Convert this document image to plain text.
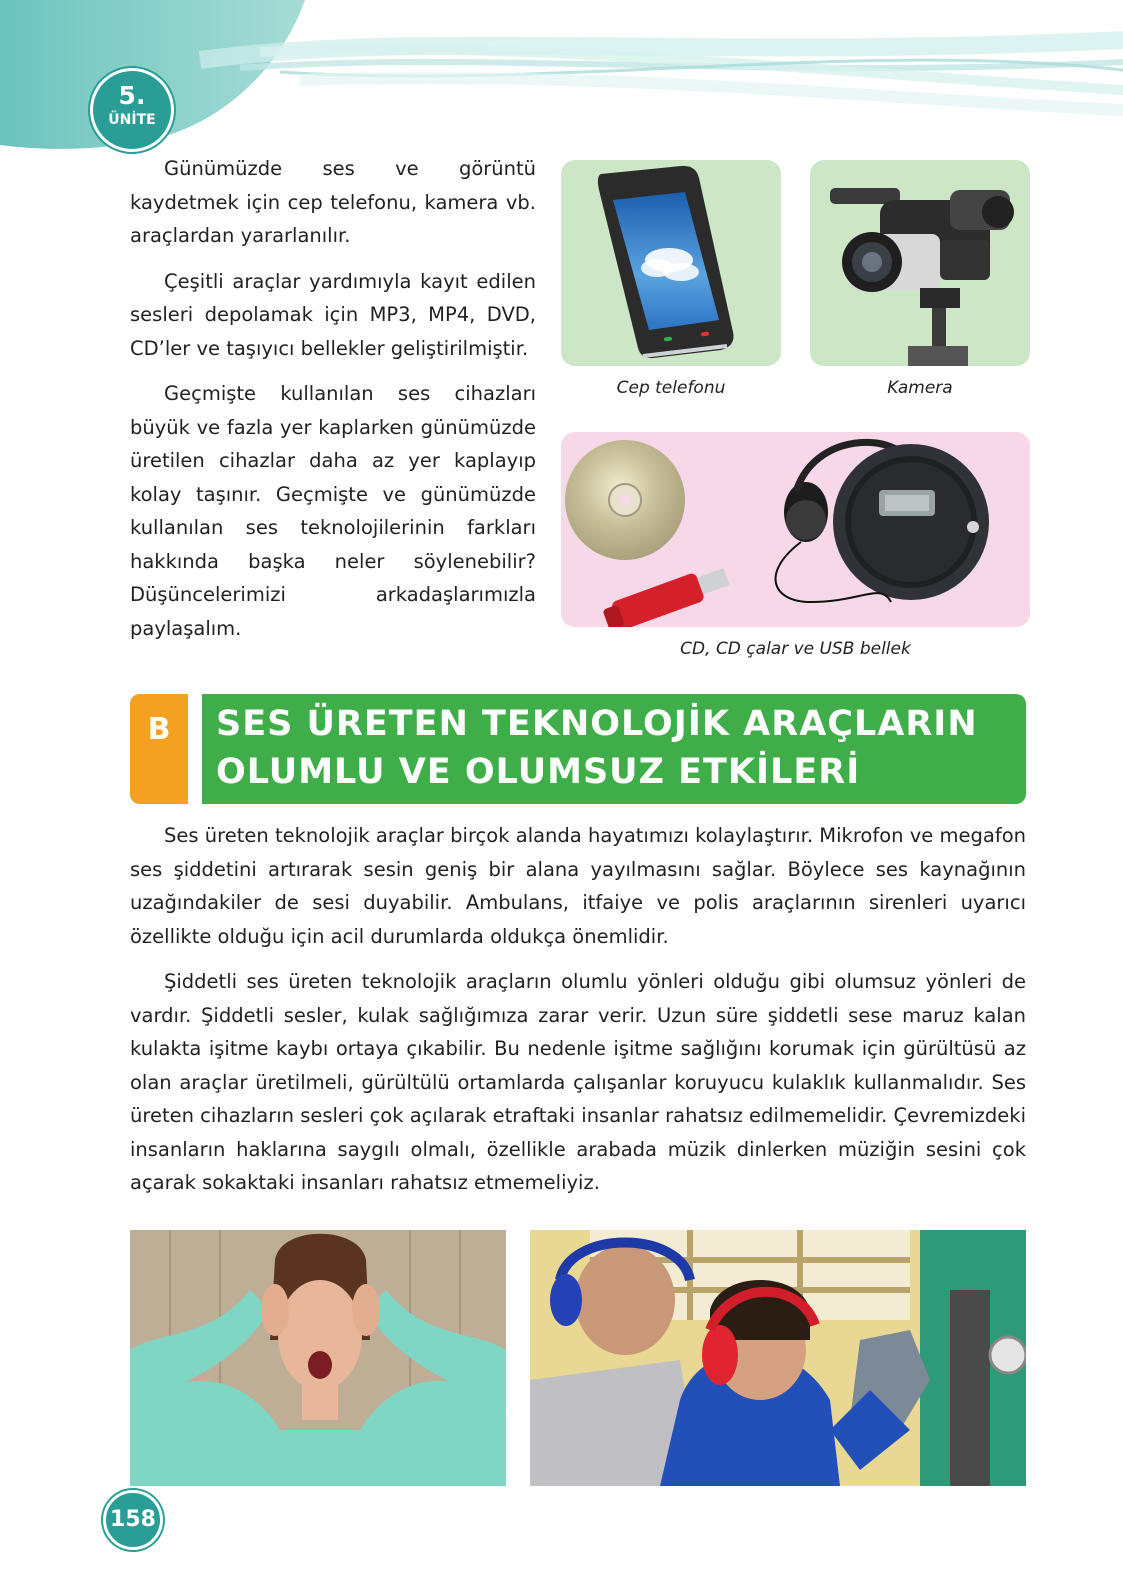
5.
ÜNİTE

Günümüzde ses ve görüntü kaydetmek için cep telefonu, kamera vb. araçlardan yararlanılır.

Çeşitli araçlar yardımıyla kayıt edilen sesleri depolamak için MP3, MP4, DVD, CD’ler ve taşıyıcı bellekler geliştirilmiştir.

Geçmişte kullanılan ses cihazları büyük ve fazla yer kaplarken günümüzde üretilen cihazlar daha az yer kaplayıp kolay taşınır. Geçmişte ve günümüzde kullanılan ses teknolojilerinin farkları hakkında başka neler söylenebilir? Düşüncelerimizi arkadaşlarımızla paylaşalım.

Cep telefonu	Kamera
CD, CD çalar ve USB bellek
B	SES ÜRETEN TEKNOLOJİK ARAÇLARIN
OLUMLU VE OLUMSUZ ETKİLERİ

Ses üreten teknolojik araçlar birçok alanda hayatımızı kolaylaştırır. Mikrofon ve megafon ses şiddetini artırarak sesin geniş bir alana yayılmasını sağlar. Böylece ses kaynağının uzağındakiler de sesi duyabilir. Ambulans, itfaiye ve polis araçlarının sirenleri uyarıcı özellikte olduğu için acil durumlarda oldukça önemlidir.

Şiddetli ses üreten teknolojik araçların olumlu yönleri olduğu gibi olumsuz yönleri de vardır. Şiddetli sesler, kulak sağlığımıza zarar verir. Uzun süre şiddetli sese maruz kalan kulakta işitme kaybı ortaya çıkabilir. Bu nedenle işitme sağlığını korumak için gürültüsü az olan araçlar üretilmeli, gürültülü ortamlarda çalışanlar koruyucu kulaklık kullanmalıdır. Ses üreten cihazların sesleri çok açılarak etraftaki insanlar rahatsız edilmemelidir. Çevremizdeki insanların haklarına saygılı olmalı, özellikle arabada müzik dinlerken müziğin sesini çok açarak sokaktaki insanları rahatsız etmemeliyiz.

158
